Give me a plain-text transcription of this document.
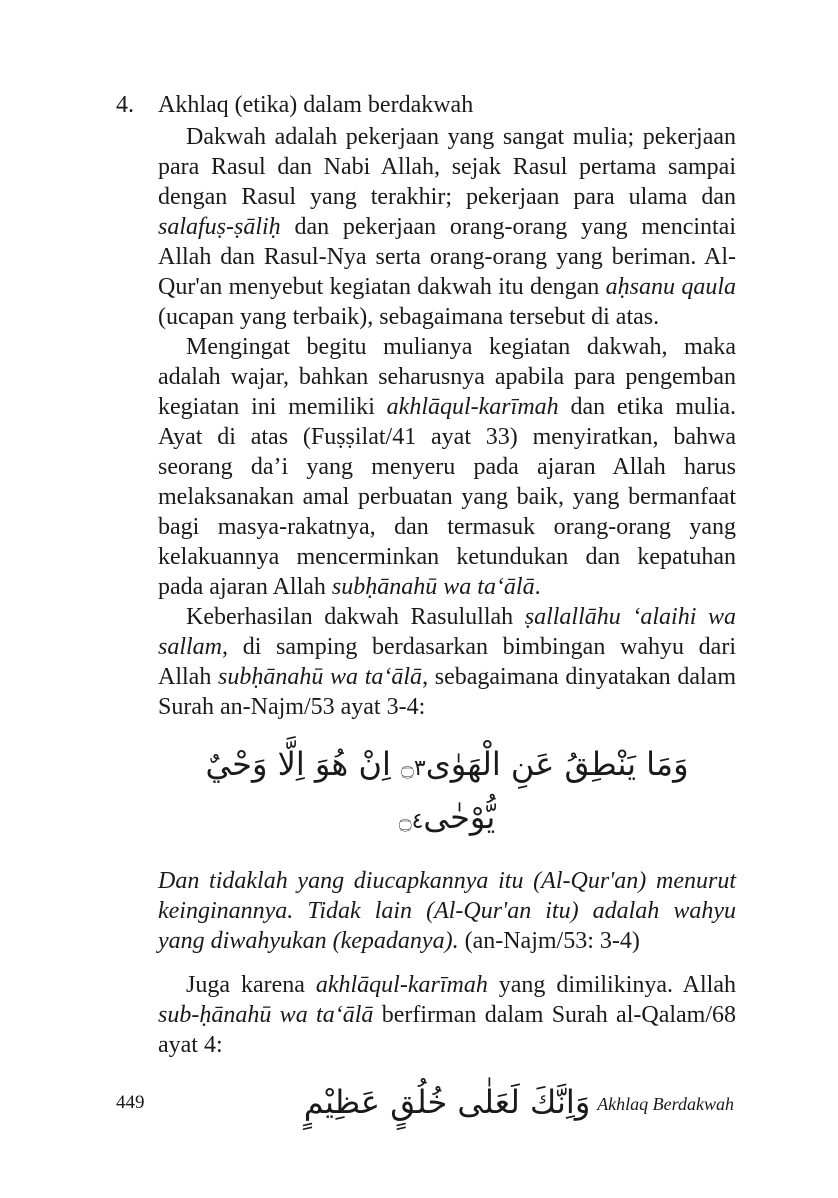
4. Akhlaq (etika) dalam berdakwah

Dakwah adalah pekerjaan yang sangat mulia; pekerjaan para Rasul dan Nabi Allah, sejak Rasul pertama sampai dengan Rasul yang terakhir; pekerjaan para ulama dan salafuṣ-ṣāliḥ dan pekerjaan orang-orang yang mencintai Allah dan Rasul-Nya serta orang-orang yang beriman. Al-Qur'an menyebut kegiatan dakwah itu dengan aḥsanu qaula (ucapan yang terbaik), sebagaimana tersebut di atas.

Mengingat begitu mulianya kegiatan dakwah, maka adalah wajar, bahkan seharusnya apabila para pengemban kegiatan ini memiliki akhlāqul-karīmah dan etika mulia. Ayat di atas (Fuṣṣilat/41 ayat 33) menyiratkan, bahwa seorang da’i yang menyeru pada ajaran Allah harus melaksanakan amal perbuatan yang baik, yang bermanfaat bagi masya-rakatnya, dan termasuk orang-orang yang kelakuannya mencerminkan ketundukan dan kepatuhan pada ajaran Allah subḥānahū wa ta‘ālā.

Keberhasilan dakwah Rasulullah ṣallallāhu ‘alaihi wa sallam, di samping berdasarkan bimbingan wahyu dari Allah subḥānahū wa ta‘ālā, sebagaimana dinyatakan dalam Surah an-Najm/53 ayat 3-4:

وَمَا يَنْطِقُ عَنِ الْهَوٰى۝٣ اِنْ هُوَ اِلَّا وَحْيٌ يُّوْحٰى۝٤
Dan tidaklah yang diucapkannya itu (Al-Qur'an) menurut keinginannya. Tidak lain (Al-Qur'an itu) adalah wahyu yang diwahyukan (kepadanya). (an-Najm/53: 3-4)

Juga karena akhlāqul-karīmah yang dimilikinya. Allah sub-ḥānahū wa ta‘ālā berfirman dalam Surah al-Qalam/68 ayat 4:

وَاِنَّكَ لَعَلٰى خُلُقٍ عَظِيْمٍ
449	Akhlaq Berdakwah
